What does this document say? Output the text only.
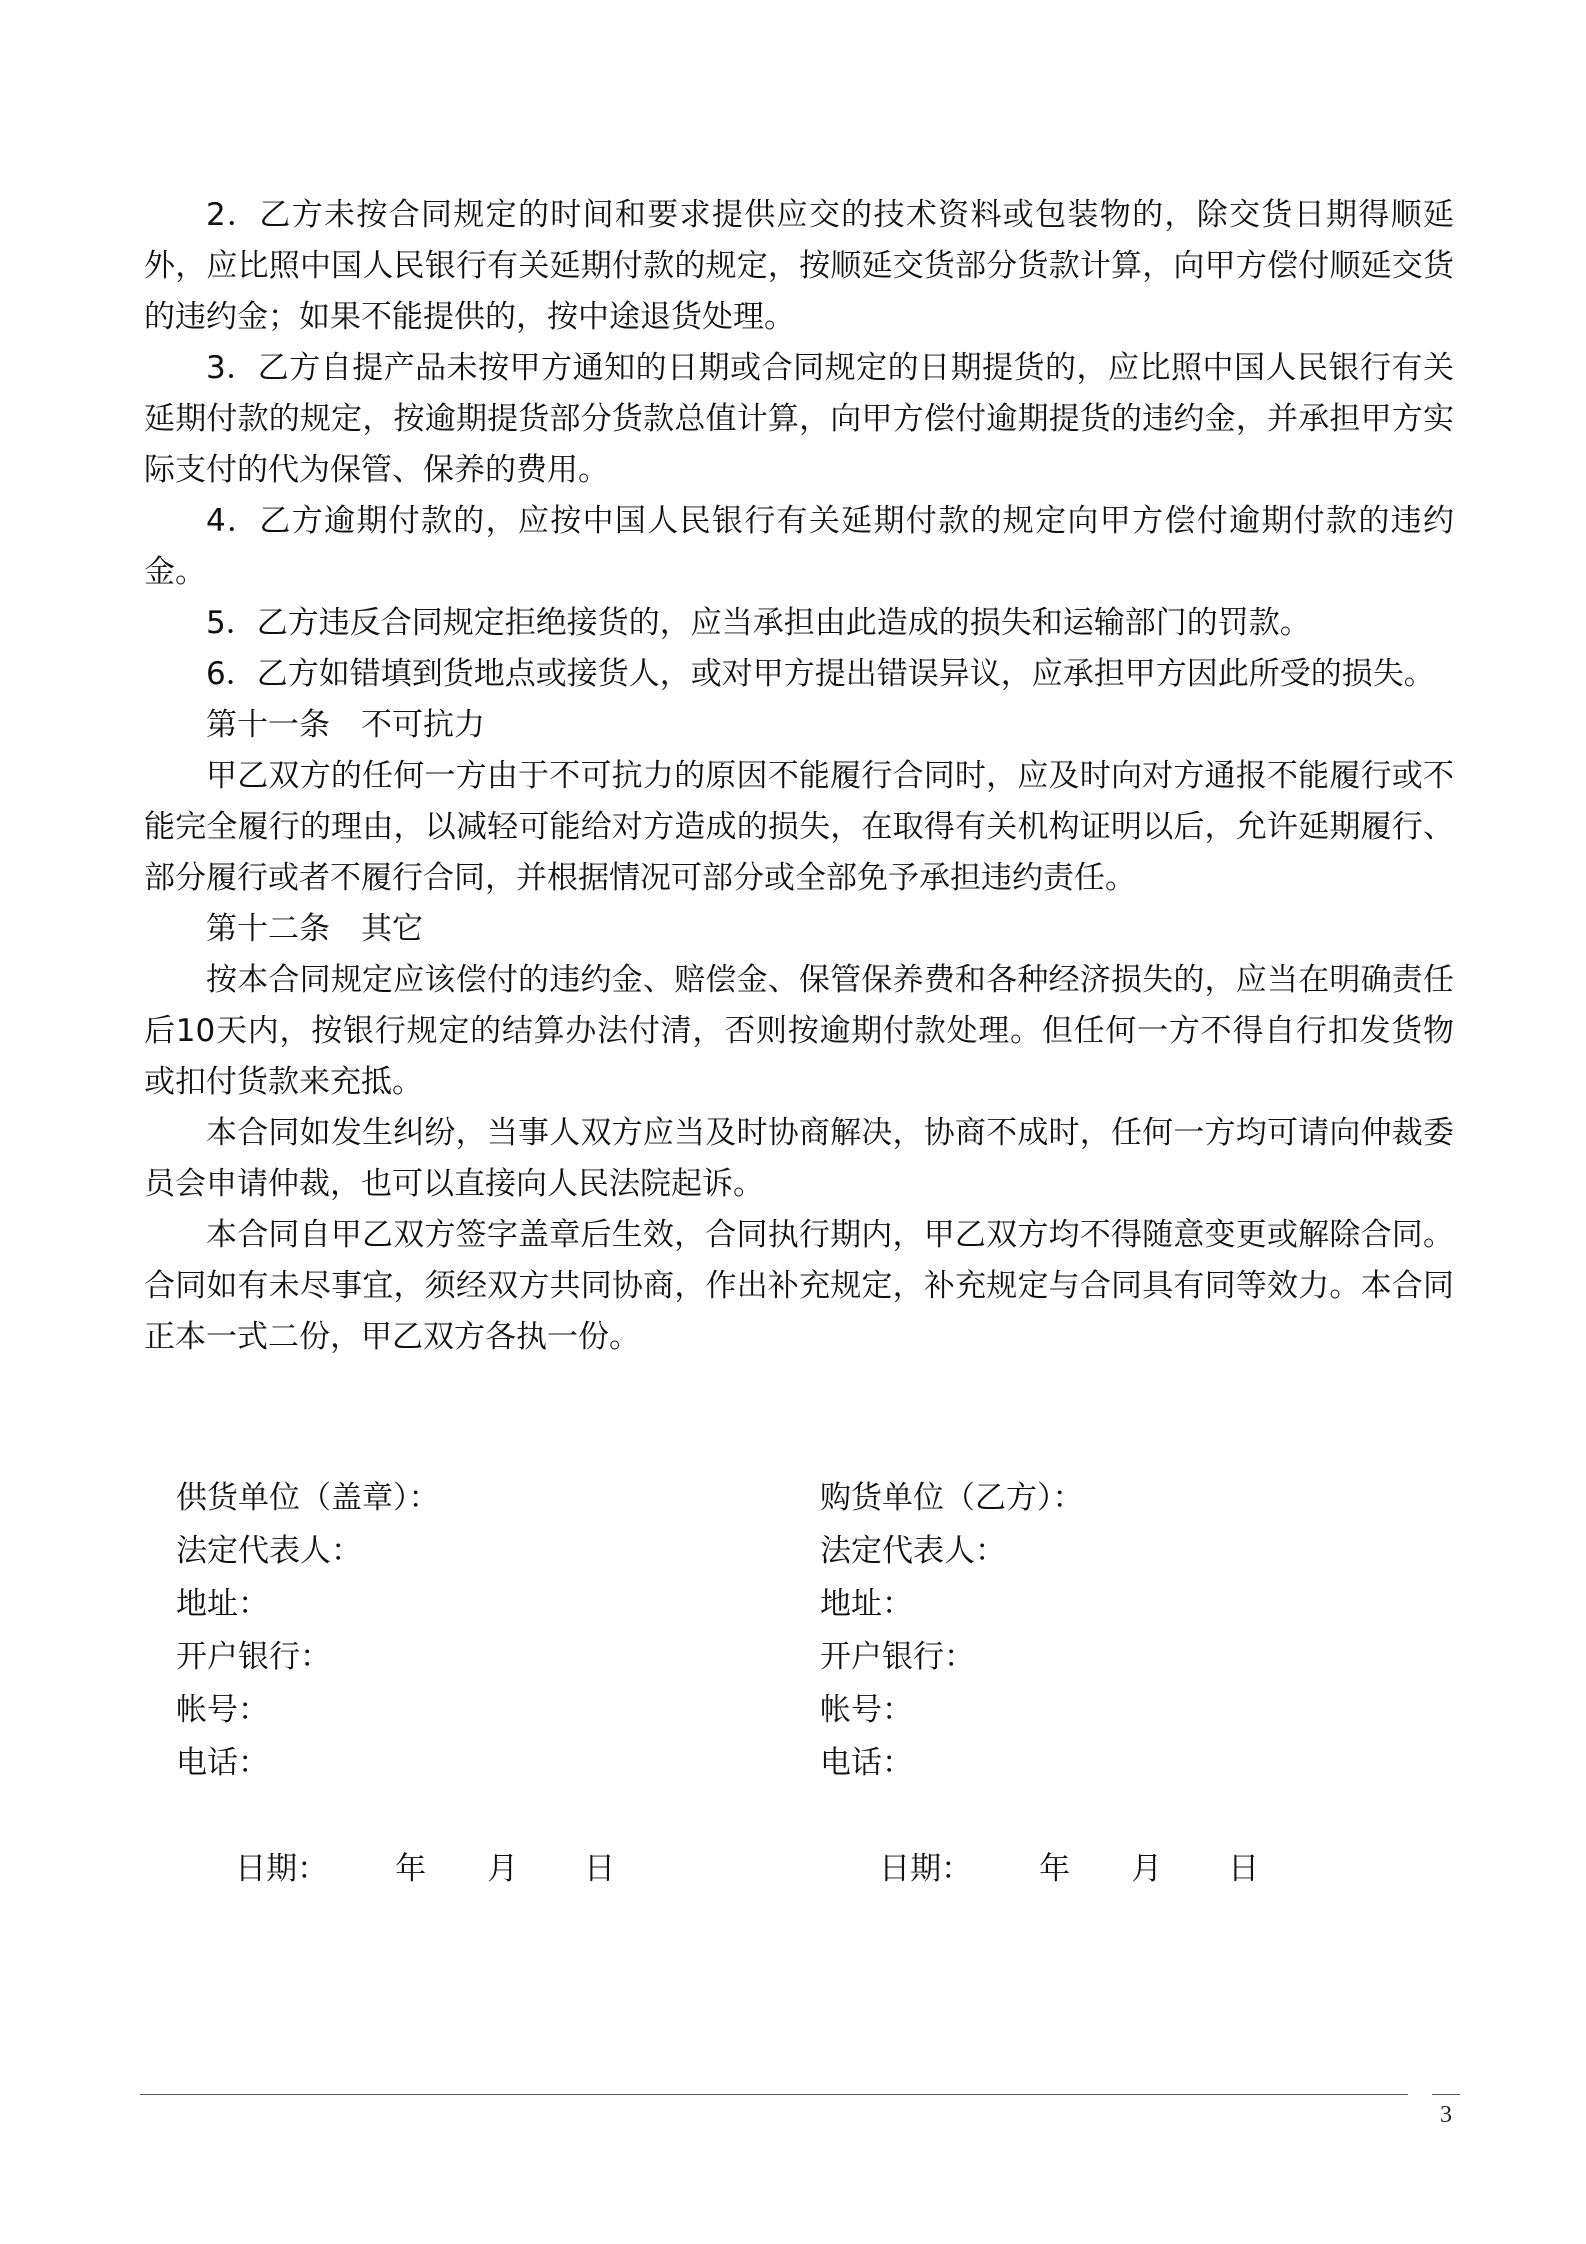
2．乙方未按合同规定的时间和要求提供应交的技术资料或包装物的，除交货日期得顺延外，应比照中国人民银行有关延期付款的规定，按顺延交货部分货款计算，向甲方偿付顺延交货的违约金；如果不能提供的，按中途退货处理。

3．乙方自提产品未按甲方通知的日期或合同规定的日期提货的，应比照中国人民银行有关延期付款的规定，按逾期提货部分货款总值计算，向甲方偿付逾期提货的违约金，并承担甲方实际支付的代为保管、保养的费用。

4．乙方逾期付款的，应按中国人民银行有关延期付款的规定向甲方偿付逾期付款的违约金。

5．乙方违反合同规定拒绝接货的，应当承担由此造成的损失和运输部门的罚款。

6．乙方如错填到货地点或接货人，或对甲方提出错误异议，应承担甲方因此所受的损失。

第十一条　不可抗力

甲乙双方的任何一方由于不可抗力的原因不能履行合同时，应及时向对方通报不能履行或不能完全履行的理由，以减轻可能给对方造成的损失，在取得有关机构证明以后，允许延期履行、部分履行或者不履行合同，并根据情况可部分或全部免予承担违约责任。

第十二条　其它

按本合同规定应该偿付的违约金、赔偿金、保管保养费和各种经济损失的，应当在明确责任后10天内，按银行规定的结算办法付清，否则按逾期付款处理。但任何一方不得自行扣发货物或扣付货款来充抵。

本合同如发生纠纷，当事人双方应当及时协商解决，协商不成时，任何一方均可请向仲裁委员会申请仲裁，也可以直接向人民法院起诉。

本合同自甲乙双方签字盖章后生效，合同执行期内，甲乙双方均不得随意变更或解除合同。合同如有未尽事宜，须经双方共同协商，作出补充规定，补充规定与合同具有同等效力。本合同正本一式二份，甲乙双方各执一份。

供货单位（盖章）：

法定代表人：

地址：

开户银行：

帐号：

电话：

日期： 年 月 日

购货单位（乙方）：

法定代表人：

地址：

开户银行：

帐号：

电话：

日期： 年 月 日

3
